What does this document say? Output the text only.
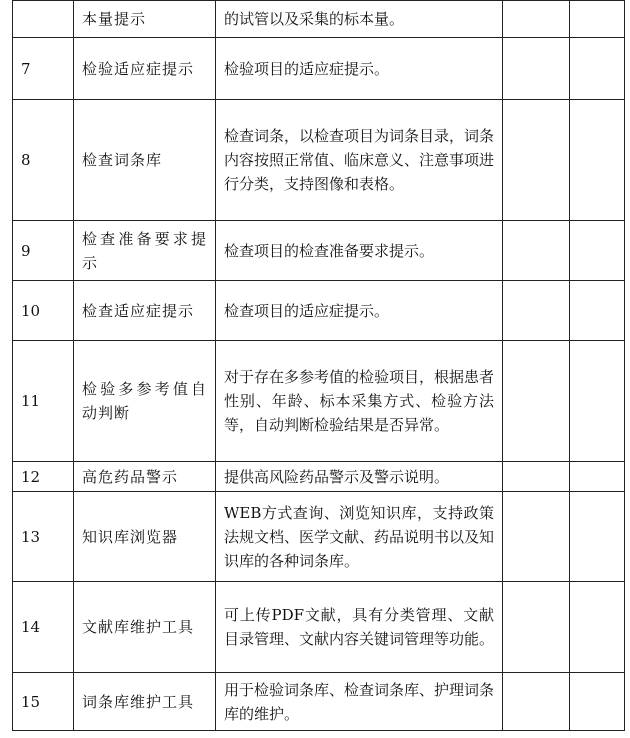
	本量提示	的试管以及采集的标本量。		
7	检验适应症提示	检验项目的适应症提示。		
8	检查词条库	检查词条，以检查项目为词条目录，词条内容按照正常值、临床意义、注意事项进行分类，支持图像和表格。		
9	检查准备要求提示	检查项目的检查准备要求提示。		
10	检查适应症提示	检查项目的适应症提示。		
11	检验多参考值自动判断	对于存在多参考值的检验项目，根据患者性别、年龄、标本采集方式、检验方法等，自动判断检验结果是否异常。		
12	高危药品警示	提供高风险药品警示及警示说明。		
13	知识库浏览器	WEB方式查询、浏览知识库，支持政策法规文档、医学文献、药品说明书以及知识库的各种词条库。		
14	文献库维护工具	可上传PDF文献，具有分类管理、文献目录管理、文献内容关键词管理等功能。		
15	词条库维护工具	用于检验词条库、检查词条库、护理词条库的维护。		
